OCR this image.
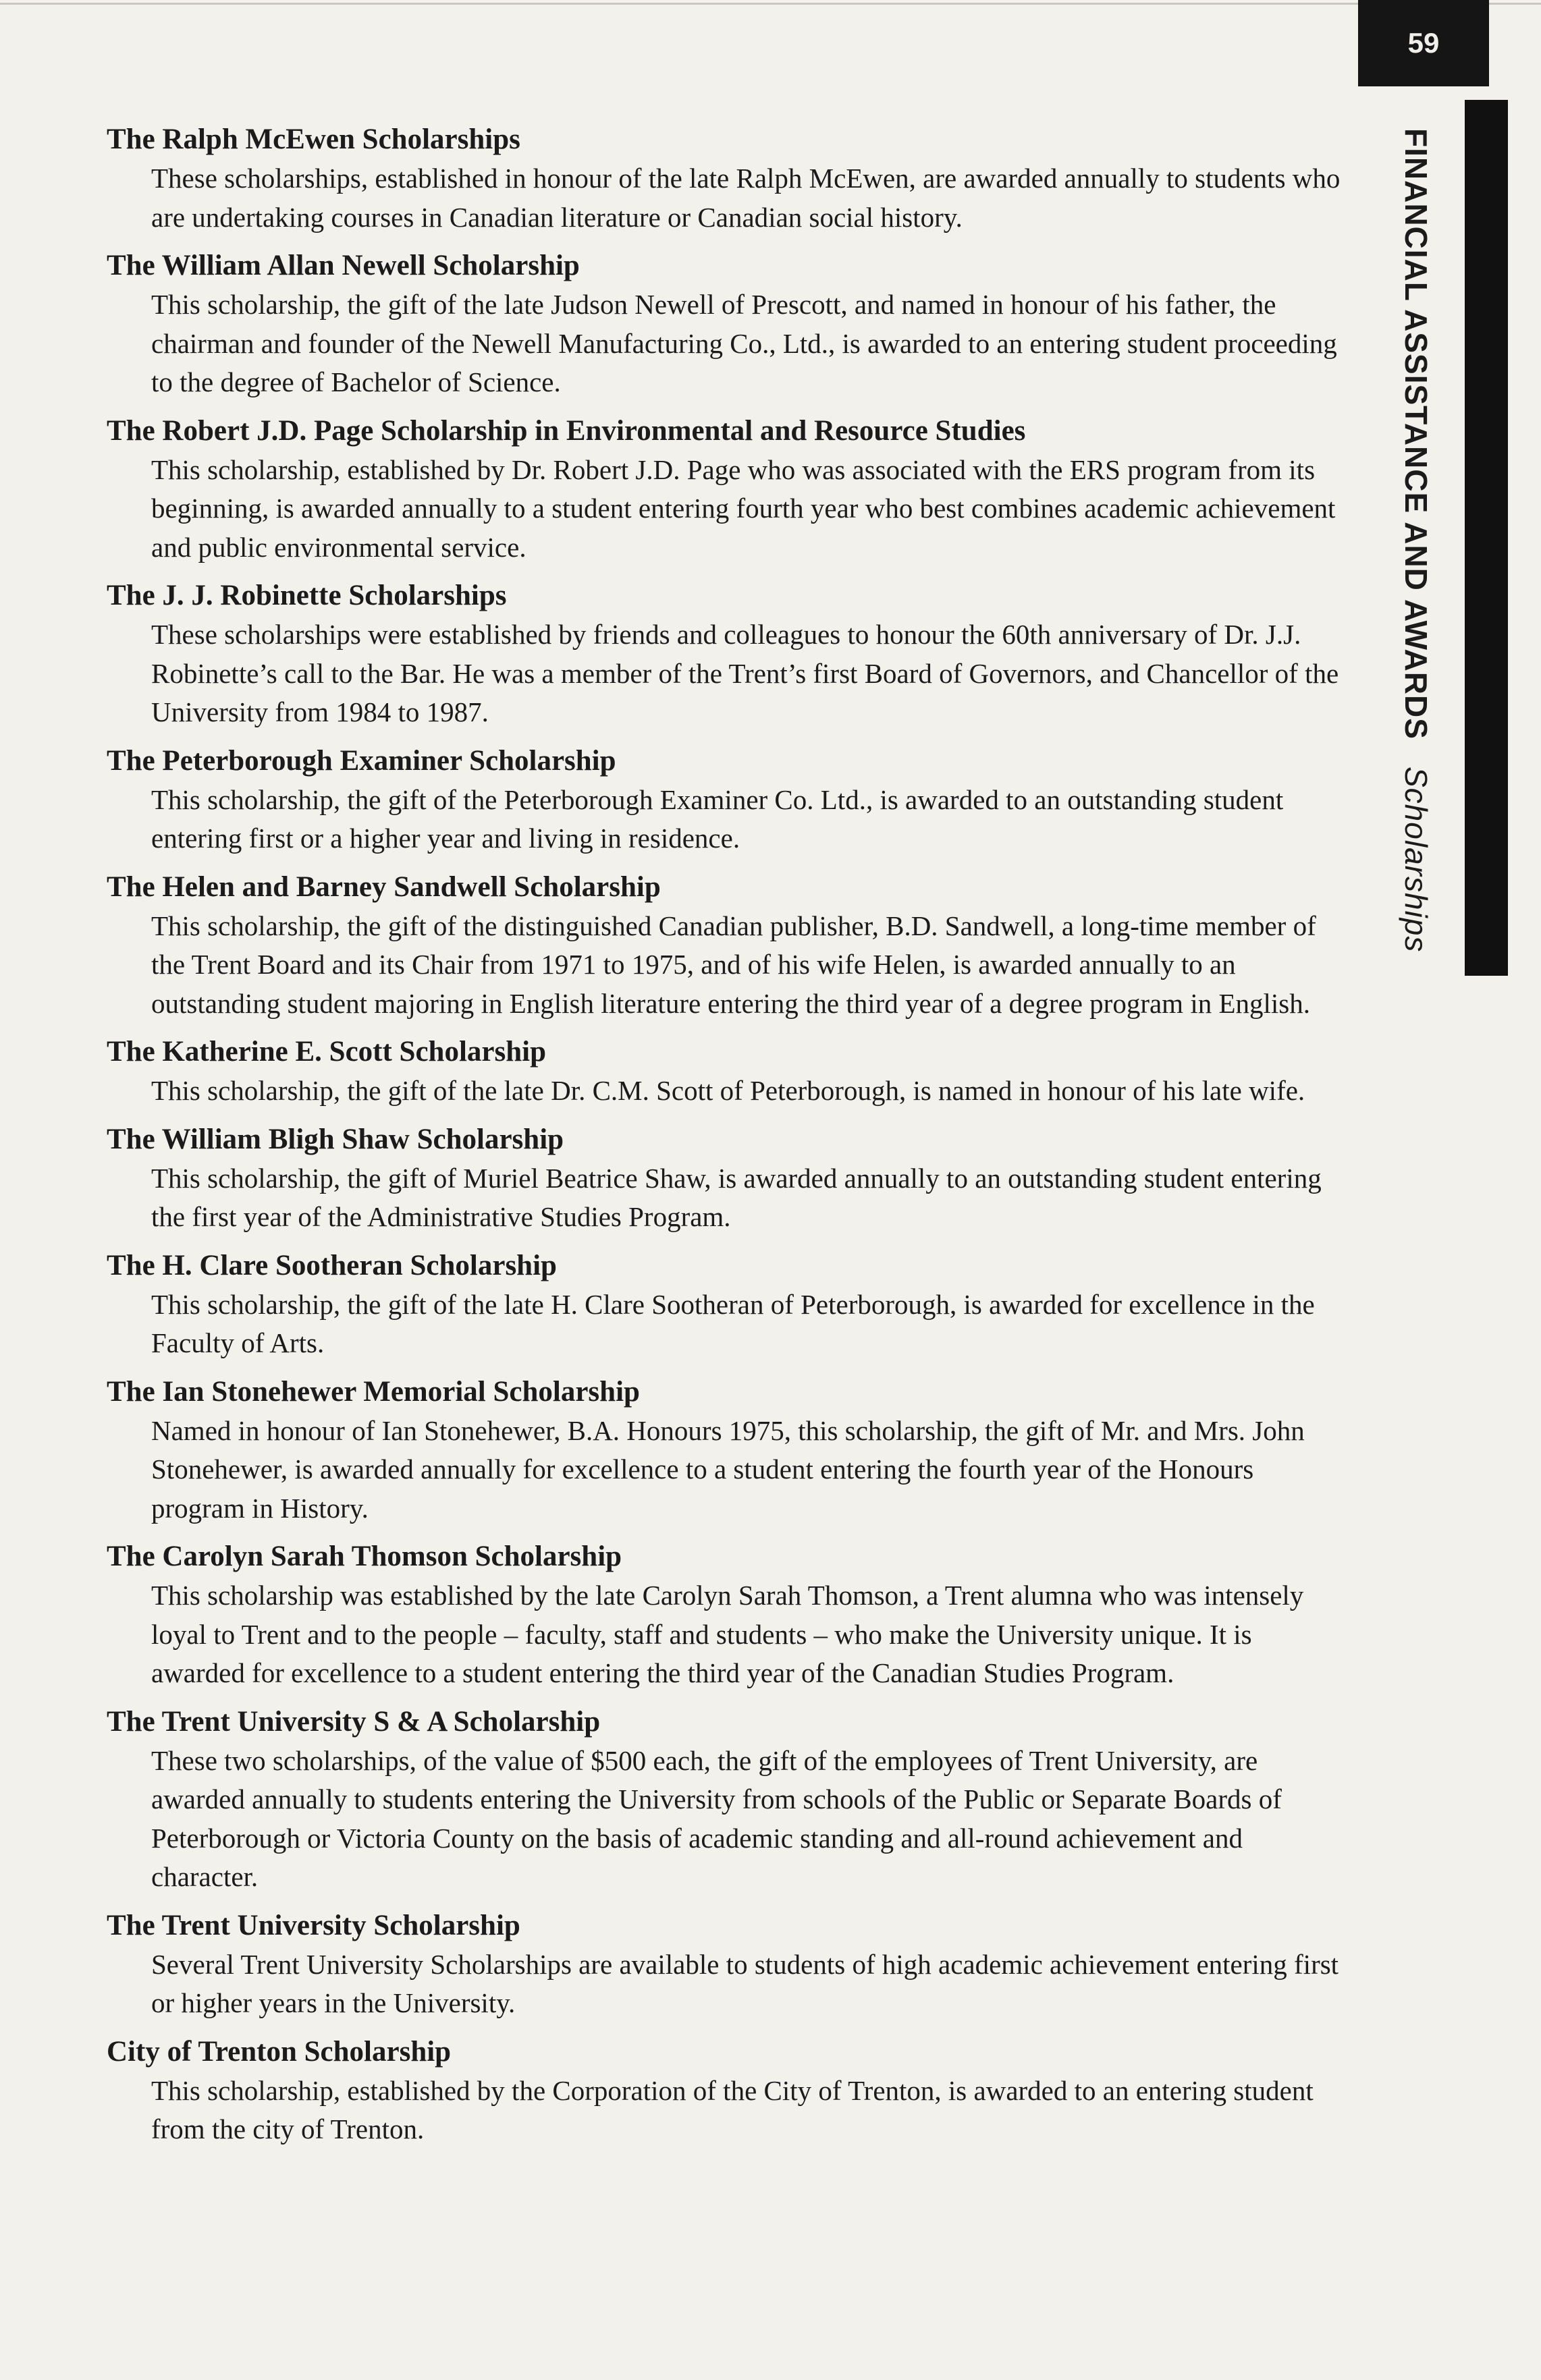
59
FINANCIAL ASSISTANCE AND AWARDS Scholarships
The Ralph McEwen Scholarships
These scholarships, established in honour of the late Ralph McEwen, are awarded annually to students who are undertaking courses in Canadian literature or Canadian social history.
The William Allan Newell Scholarship
This scholarship, the gift of the late Judson Newell of Prescott, and named in honour of his father, the chairman and founder of the Newell Manufacturing Co., Ltd., is awarded to an entering student proceeding to the degree of Bachelor of Science.
The Robert J.D. Page Scholarship in Environmental and Resource Studies
This scholarship, established by Dr. Robert J.D. Page who was associated with the ERS program from its beginning, is awarded annually to a student entering fourth year who best combines academic achievement and public environmental service.
The J. J. Robinette Scholarships
These scholarships were established by friends and colleagues to honour the 60th anniversary of Dr. J.J. Robinette’s call to the Bar. He was a member of the Trent’s first Board of Governors, and Chancellor of the University from 1984 to 1987.
The Peterborough Examiner Scholarship
This scholarship, the gift of the Peterborough Examiner Co. Ltd., is awarded to an outstanding student entering first or a higher year and living in residence.
The Helen and Barney Sandwell Scholarship
This scholarship, the gift of the distinguished Canadian publisher, B.D. Sandwell, a long-time member of the Trent Board and its Chair from 1971 to 1975, and of his wife Helen, is awarded annually to an outstanding student majoring in English literature entering the third year of a degree program in English.
The Katherine E. Scott Scholarship
This scholarship, the gift of the late Dr. C.M. Scott of Peterborough, is named in honour of his late wife.
The William Bligh Shaw Scholarship
This scholarship, the gift of Muriel Beatrice Shaw, is awarded annually to an outstanding student entering the first year of the Administrative Studies Program.
The H. Clare Sootheran Scholarship
This scholarship, the gift of the late H. Clare Sootheran of Peterborough, is awarded for excellence in the Faculty of Arts.
The Ian Stonehewer Memorial Scholarship
Named in honour of Ian Stonehewer, B.A. Honours 1975, this scholarship, the gift of Mr. and Mrs. John Stonehewer, is awarded annually for excellence to a student entering the fourth year of the Honours program in History.
The Carolyn Sarah Thomson Scholarship
This scholarship was established by the late Carolyn Sarah Thomson, a Trent alumna who was intensely loyal to Trent and to the people – faculty, staff and students – who make the University unique. It is awarded for excellence to a student entering the third year of the Canadian Studies Program.
The Trent University S & A Scholarship
These two scholarships, of the value of $500 each, the gift of the employees of Trent University, are awarded annually to students entering the University from schools of the Public or Separate Boards of Peterborough or Victoria County on the basis of academic standing and all-round achievement and character.
The Trent University Scholarship
Several Trent University Scholarships are available to students of high academic achievement entering first or higher years in the University.
City of Trenton Scholarship
This scholarship, established by the Corporation of the City of Trenton, is awarded to an entering student from the city of Trenton.
